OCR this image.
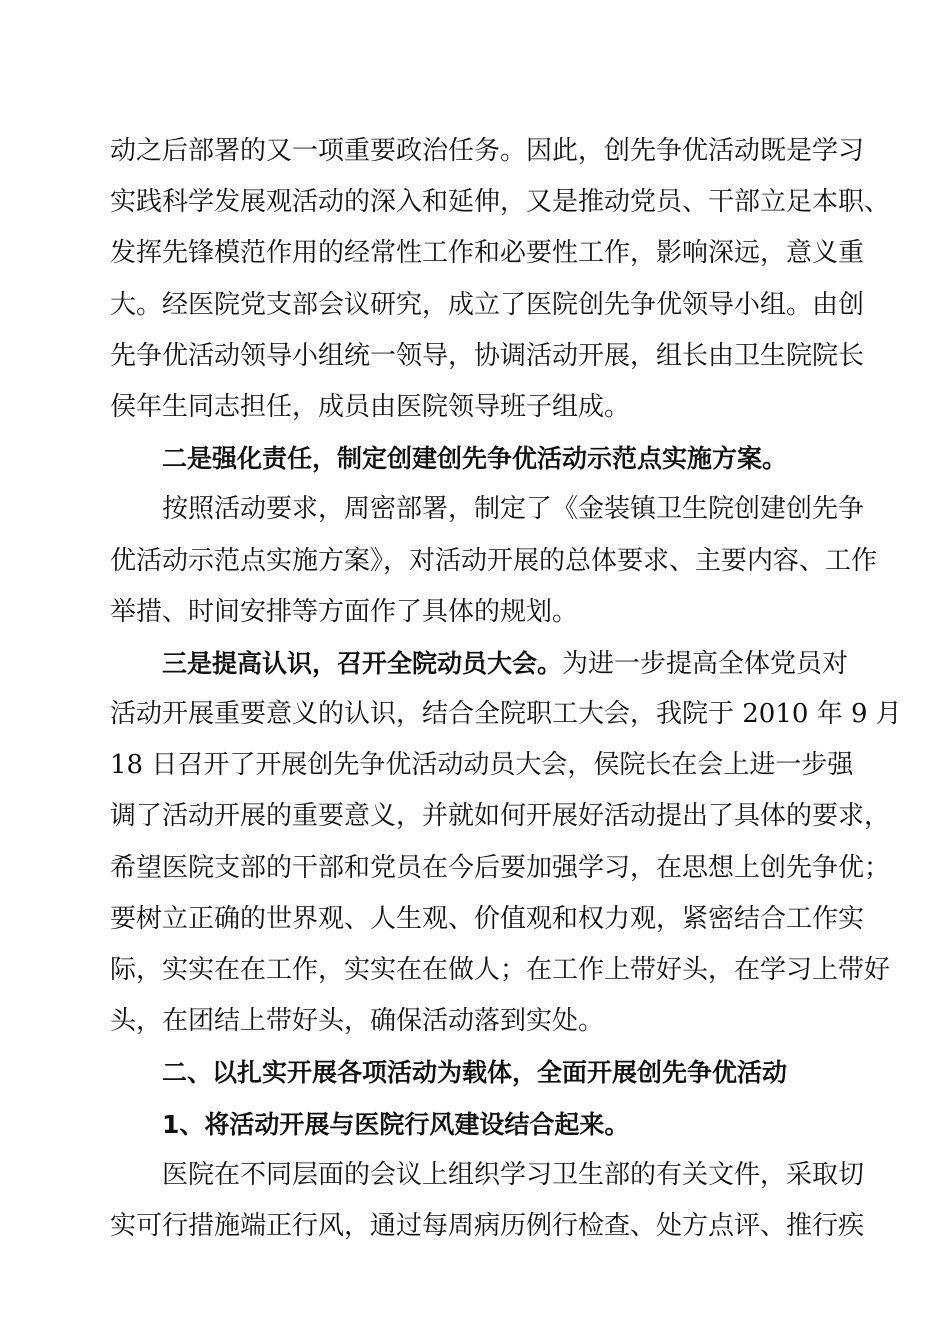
动之后部署的又一项重要政治任务。因此，创先争优活动既是学习
实践科学发展观活动的深入和延伸，又是推动党员、干部立足本职、
发挥先锋模范作用的经常性工作和必要性工作，影响深远，意义重
大。经医院党支部会议研究，成立了医院创先争优领导小组。由创
先争优活动领导小组统一领导，协调活动开展，组长由卫生院院长
侯年生同志担任，成员由医院领导班子组成。
二是强化责任，制定创建创先争优活动示范点实施方案。
按照活动要求，周密部署，制定了《金装镇卫生院创建创先争
优活动示范点实施方案》，对活动开展的总体要求、主要内容、工作
举措、时间安排等方面作了具体的规划。
三是提高认识，召开全院动员大会。为进一步提高全体党员对
活动开展重要意义的认识，结合全院职工大会，我院于 2010 年 9 月
18 日召开了开展创先争优活动动员大会，侯院长在会上进一步强
调了活动开展的重要意义，并就如何开展好活动提出了具体的要求，
希望医院支部的干部和党员在今后要加强学习，在思想上创先争优；
要树立正确的世界观、人生观、价值观和权力观，紧密结合工作实
际，实实在在工作，实实在在做人；在工作上带好头，在学习上带好
头，在团结上带好头，确保活动落到实处。
二、以扎实开展各项活动为载体，全面开展创先争优活动
1、将活动开展与医院行风建设结合起来。
医院在不同层面的会议上组织学习卫生部的有关文件，采取切
实可行措施端正行风，通过每周病历例行检查、处方点评、推行疾
